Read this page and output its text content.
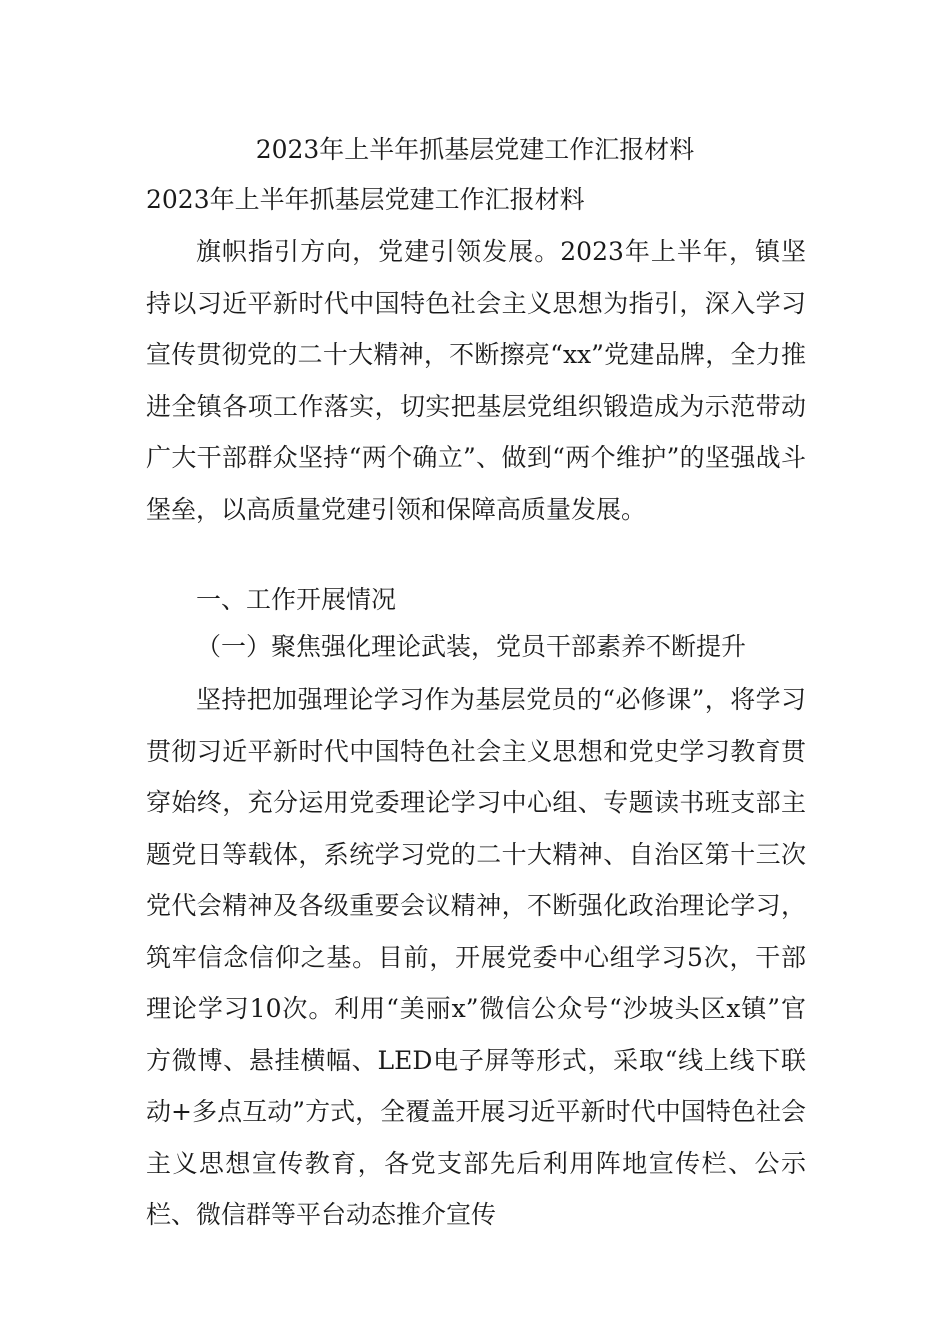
2023年上半年抓基层党建工作汇报材料
2023年上半年抓基层党建工作汇报材料

旗帜指引方向，党建引领发展。2023年上半年，镇坚持以习近平新时代中国特色社会主义思想为指引，深入学习宣传贯彻党的二十大精神，不断擦亮“xx”党建品牌，全力推进全镇各项工作落实，切实把基层党组织锻造成为示范带动广大干部群众坚持“两个确立”、做到“两个维护”的坚强战斗堡垒，以高质量党建引领和保障高质量发展。

一、工作开展情况

（一）聚焦强化理论武装，党员干部素养不断提升

坚持把加强理论学习作为基层党员的“必修课”，将学习贯彻习近平新时代中国特色社会主义思想和党史学习教育贯穿始终，充分运用党委理论学习中心组、专题读书班支部主题党日等载体，系统学习党的二十大精神、自治区第十三次党代会精神及各级重要会议精神，不断强化政治理论学习，筑牢信念信仰之基。目前，开展党委中心组学习5次，干部理论学习10次。利用“美丽x”微信公众号“沙坡头区x镇”官方微博、悬挂横幅、LED电子屏等形式，采取“线上线下联动+多点互动”方式，全覆盖开展习近平新时代中国特色社会主义思想宣传教育，各党支部先后利用阵地宣传栏、公示栏、微信群等平台动态推介宣传
